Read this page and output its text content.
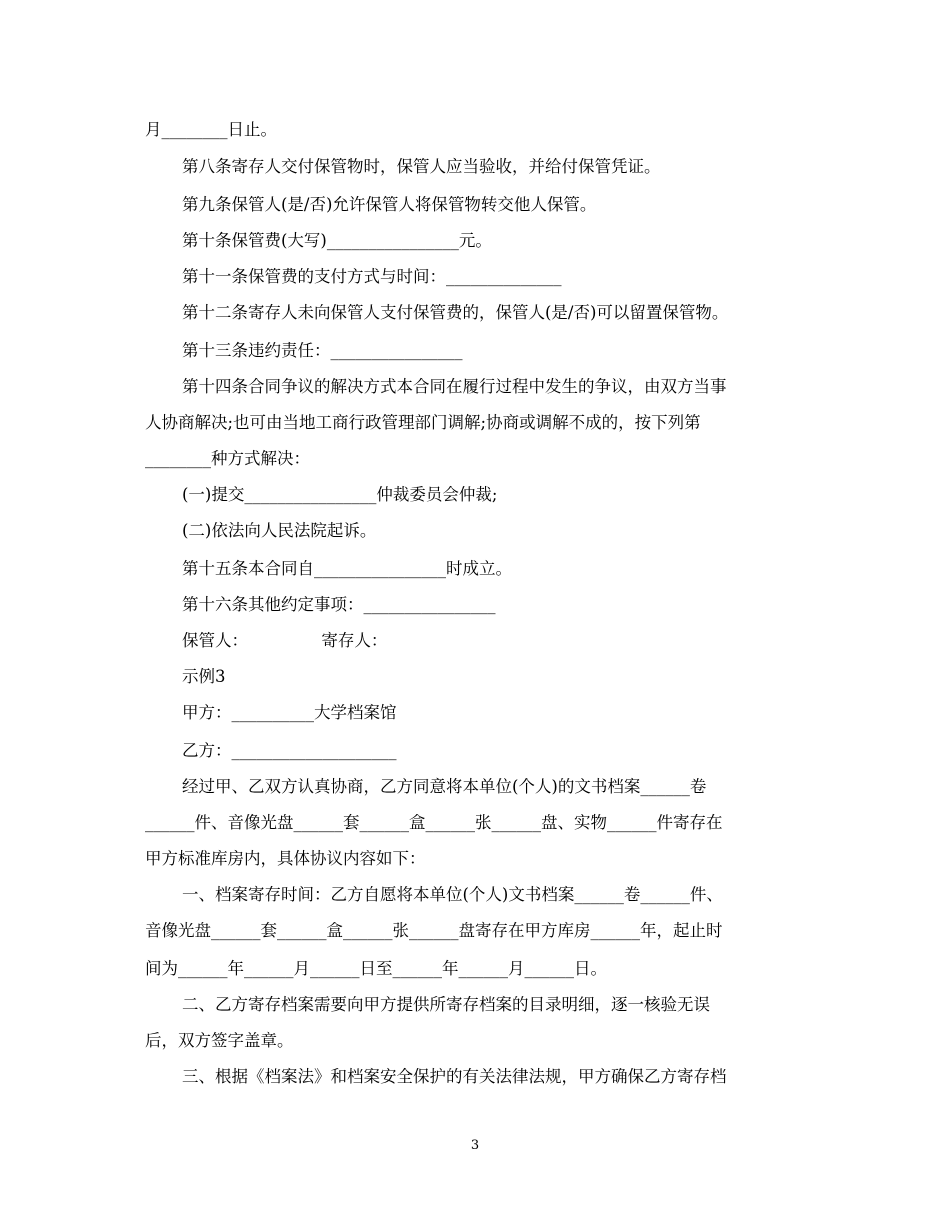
月________日止。
第八条寄存人交付保管物时，保管人应当验收，并给付保管凭证。
第九条保管人(是/否)允许保管人将保管物转交他人保管。
第十条保管费(大写)________________元。
第十一条保管费的支付方式与时间：______________
第十二条寄存人未向保管人支付保管费的，保管人(是/否)可以留置保管物。
第十三条违约责任：________________
第十四条合同争议的解决方式本合同在履行过程中发生的争议，由双方当事
人协商解决;也可由当地工商行政管理部门调解;协商或调解不成的，按下列第
________种方式解决：
(一)提交________________仲裁委员会仲裁;
(二)依法向人民法院起诉。
第十五条本合同自________________时成立。
第十六条其他约定事项：________________
保管人：              寄存人：
示例3
甲方：__________大学档案馆
乙方：____________________
经过甲、乙双方认真协商，乙方同意将本单位(个人)的文书档案______卷
______件、音像光盘______套______盒______张______盘、实物______件寄存在
甲方标准库房内，具体协议内容如下：
一、档案寄存时间：乙方自愿将本单位(个人)文书档案______卷______件、
音像光盘______套______盒______张______盘寄存在甲方库房______年，起止时
间为______年______月______日至______年______月______日。
二、乙方寄存档案需要向甲方提供所寄存档案的目录明细，逐一核验无误
后，双方签字盖章。
三、根据《档案法》和档案安全保护的有关法律法规，甲方确保乙方寄存档
3
